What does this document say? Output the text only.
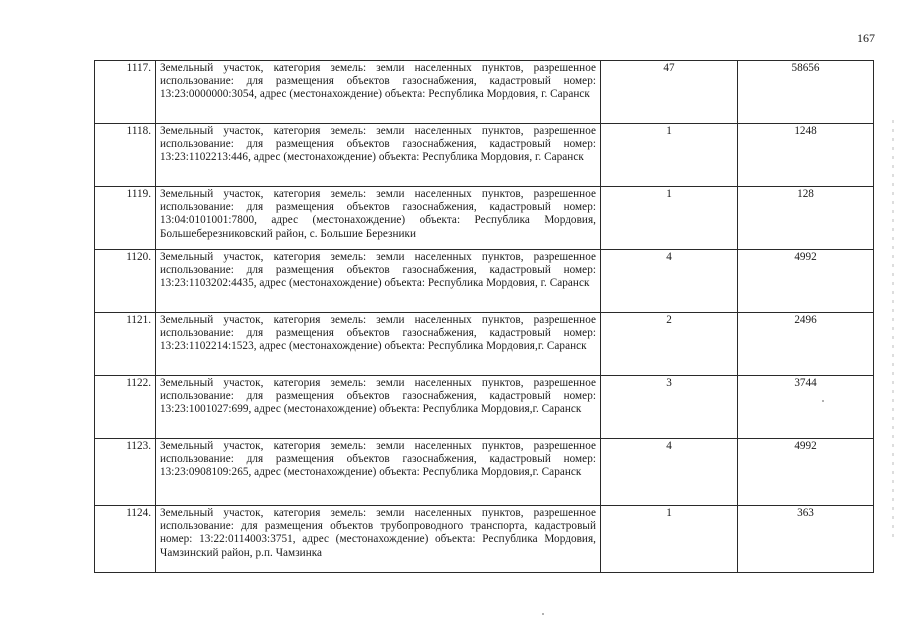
167
1117.	Земельный участок, категория земель: земли населенных пунктов, разрешенное использование: для размещения объектов газоснабжения, кадастровый номер: 13:23:0000000:3054, адрес (местонахождение) объекта: Республика Мордовия, г. Саранск	47	58656
1118.	Земельный участок, категория земель: земли населенных пунктов, разрешенное использование: для размещения объектов газоснабжения, кадастровый номер: 13:23:1102213:446, адрес (местонахождение) объекта: Республика Мордовия, г. Саранск	1	1248
1119.	Земельный участок, категория земель: земли населенных пунктов, разрешенное использование: для размещения объектов газоснабжения, кадастровый номер: 13:04:0101001:7800, адрес (местонахождение) объекта: Республика Мордовия, Большеберезниковский район, с. Большие Березники	1	128
1120.	Земельный участок, категория земель: земли населенных пунктов, разрешенное использование: для размещения объектов газоснабжения, кадастровый номер: 13:23:1103202:4435, адрес (местонахождение) объекта: Республика Мордовия, г. Саранск	4	4992
1121.	Земельный участок, категория земель: земли населенных пунктов, разрешенное использование: для размещения объектов газоснабжения, кадастровый номер: 13:23:1102214:1523, адрес (местонахождение) объекта: Республика Мордовия,г. Саранск	2	2496
1122.	Земельный участок, категория земель: земли населенных пунктов, разрешенное использование: для размещения объектов газоснабжения, кадастровый номер: 13:23:1001027:699, адрес (местонахождение) объекта: Республика Мордовия,г. Саранск	3	3744
1123.	Земельный участок, категория земель: земли населенных пунктов, разрешенное использование: для размещения объектов газоснабжения, кадастровый номер: 13:23:0908109:265, адрес (местонахождение) объекта: Республика Мордовия,г. Саранск	4	4992
1124.	Земельный участок, категория земель: земли населенных пунктов, разрешенное использование: для размещения объектов трубопроводного транспорта, кадастровый номер: 13:22:0114003:3751, адрес (местонахождение) объекта: Республика Мордовия, Чамзинский район, р.п. Чамзинка	1	363
